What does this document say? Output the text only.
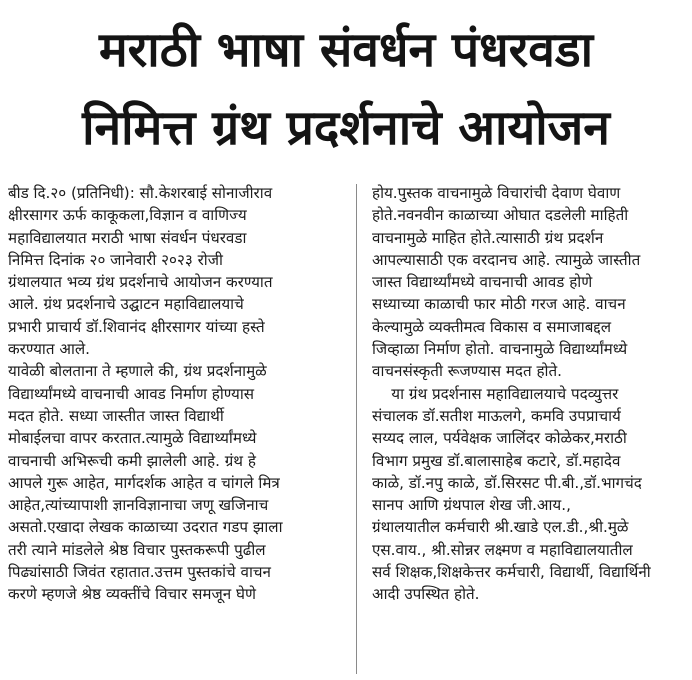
मराठी भाषा संवर्धन पंधरवडा
निमित्त ग्रंथ प्रदर्शनाचे आयोजन
बीड दि.२० (प्रतिनिधी): सौ.केशरबाई सोनाजीराव
क्षीरसागर ऊर्फ काकूकला,विज्ञान व वाणिज्य
महाविद्यालयात मराठी भाषा संवर्धन पंधरवडा
निमित्त दिनांक २० जानेवारी २०२३ रोजी
ग्रंथालयात भव्य ग्रंथ प्रदर्शनाचे आयोजन करण्यात
आले. ग्रंथ प्रदर्शनाचे उद्घाटन महाविद्यालयाचे
प्रभारी प्राचार्य डॉ.शिवानंद क्षीरसागर यांच्या हस्ते
करण्यात आले.
यावेळी बोलताना ते म्हणाले की, ग्रंथ प्रदर्शनामुळे
विद्यार्थ्यांमध्ये वाचनाची आवड निर्माण होण्यास
मदत होते. सध्या जास्तीत जास्त विद्यार्थी
मोबाईलचा वापर करतात.त्यामुळे विद्यार्थ्यांमध्ये
वाचनाची अभिरूची कमी झालेली आहे. ग्रंथ हे
आपले गुरू आहेत, मार्गदर्शक आहेत व चांगले मित्र
आहेत,त्यांच्यापाशी ज्ञानविज्ञानाचा जणू खजिनाच
असतो.एखादा लेखक काळाच्या उदरात गडप झाला
तरी त्याने मांडलेले श्रेष्ठ विचार पुस्तकरूपी पुढील
पिढ्यांसाठी जिवंत रहातात.उत्तम पुस्तकांचे वाचन
करणे म्हणजे श्रेष्ठ व्यक्तींचे विचार समजून घेणे
होय.पुस्तक वाचनामुळे विचारांची देवाण घेवाण
होते.नवनवीन काळाच्या ओघात दडलेली माहिती
वाचनामुळे माहित होते.त्यासाठी ग्रंथ प्रदर्शन
आपल्यासाठी एक वरदानच आहे. त्यामुळे जास्तीत
जास्त विद्यार्थ्यांमध्ये वाचनाची आवड होणे
सध्याच्या काळाची फार मोठी गरज आहे. वाचन
केल्यामुळे व्यक्तीमत्व विकास व समाजाबद्दल
जिव्हाळा निर्माण होतो. वाचनामुळे विद्यार्थ्यांमध्ये
वाचनसंस्कृती रूजण्यास मदत होते.
या ग्रंथ प्रदर्शनास महाविद्यालयाचे पदव्युत्तर
संचालक डॉ.सतीश माऊलगे, कमवि उपप्राचार्य
सय्यद लाल, पर्यवेक्षक जालिंदर कोळेकर,मराठी
विभाग प्रमुख डॉ.बालासाहेब कटारे, डॉ.महादेव
काळे, डॉ.नपु काळे, डॉ.सिरसट पी.बी.,डॉ.भागचंद
सानप आणि ग्रंथपाल शेख जी.आय.,
ग्रंथालयातील कर्मचारी श्री.खाडे एल.डी.,श्री.मुळे
एस.वाय., श्री.सोन्नर लक्ष्मण व महाविद्यालयातील
सर्व शिक्षक,शिक्षकेत्तर कर्मचारी, विद्यार्थी, विद्यार्थिनी
आदी उपस्थित होते.
